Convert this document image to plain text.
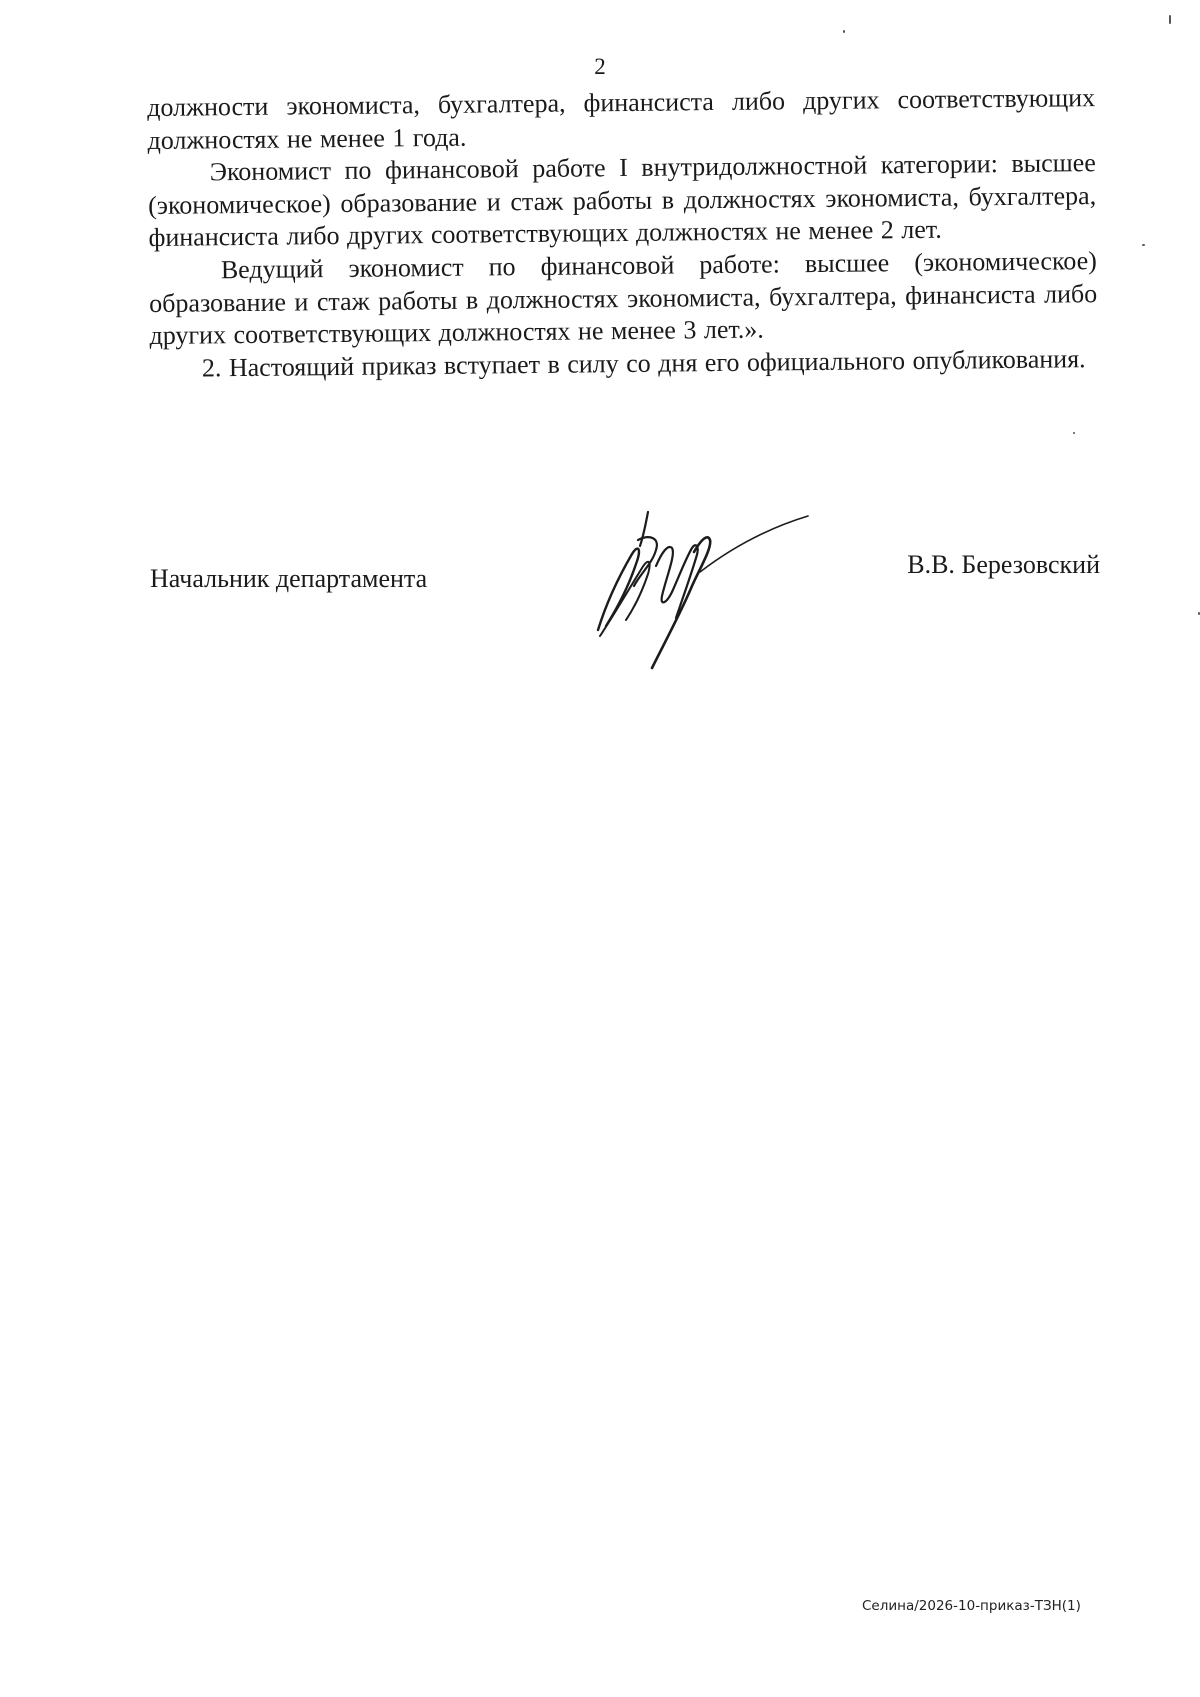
2

должности экономиста, бухгалтера, финансиста либо других соответствующих должностях не менее 1 года.

Экономист по финансовой работе I внутридолжностной категории: высшее (экономическое) образование и стаж работы в должностях экономиста, бухгалтера, финансиста либо других соответствующих должностях не менее 2 лет.

Ведущий экономист по финансовой работе: высшее (экономическое) образование и стаж работы в должностях экономиста, бухгалтера, финансиста либо других соответствующих должностях не менее 3 лет.».

2. Настоящий приказ вступает в силу со дня его официального опубликования.

Начальник департамента	В.В. Березовский
Селина/2026-10-приказ-ТЗН(1)
